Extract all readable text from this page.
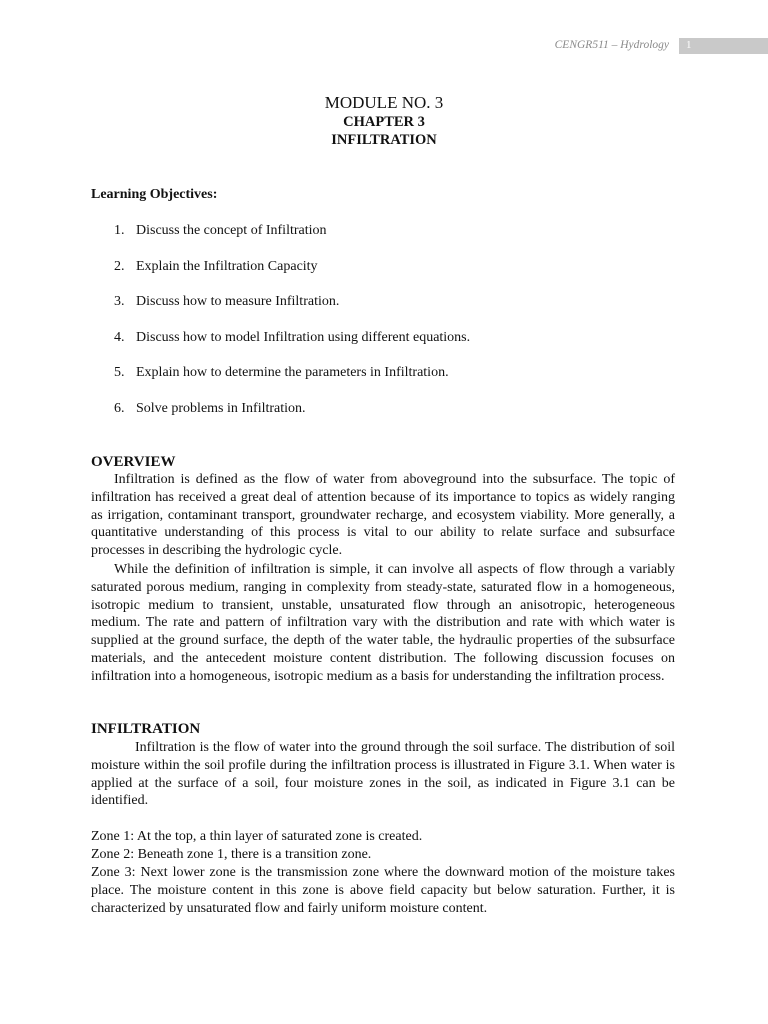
CENGR511 – Hydrology 1
MODULE NO. 3
CHAPTER 3
INFILTRATION
Learning Objectives:
1. Discuss the concept of Infiltration
2. Explain the Infiltration Capacity
3. Discuss how to measure Infiltration.
4. Discuss how to model Infiltration using different equations.
5. Explain how to determine the parameters in Infiltration.
6. Solve problems in Infiltration.
OVERVIEW

Infiltration is defined as the flow of water from aboveground into the subsurface. The topic of infiltration has received a great deal of attention because of its importance to topics as widely ranging as irrigation, contaminant transport, groundwater recharge, and ecosystem viability. More generally, a quantitative understanding of this process is vital to our ability to relate surface and subsurface processes in describing the hydrologic cycle.

While the definition of infiltration is simple, it can involve all aspects of flow through a variably saturated porous medium, ranging in complexity from steady-state, saturated flow in a homogeneous, isotropic medium to transient, unstable, unsaturated flow through an anisotropic, heterogeneous medium. The rate and pattern of infiltration vary with the distribution and rate with which water is supplied at the ground surface, the depth of the water table, the hydraulic properties of the subsurface materials, and the antecedent moisture content distribution. The following discussion focuses on infiltration into a homogeneous, isotropic medium as a basis for understanding the infiltration process.

INFILTRATION

Infiltration is the flow of water into the ground through the soil surface. The distribution of soil moisture within the soil profile during the infiltration process is illustrated in Figure 3.1. When water is applied at the surface of a soil, four moisture zones in the soil, as indicated in Figure 3.1 can be identified.

Zone 1: At the top, a thin layer of saturated zone is created.
Zone 2: Beneath zone 1, there is a transition zone.
Zone 3: Next lower zone is the transmission zone where the downward motion of the moisture takes place. The moisture content in this zone is above field capacity but below saturation. Further, it is characterized by unsaturated flow and fairly uniform moisture content.
